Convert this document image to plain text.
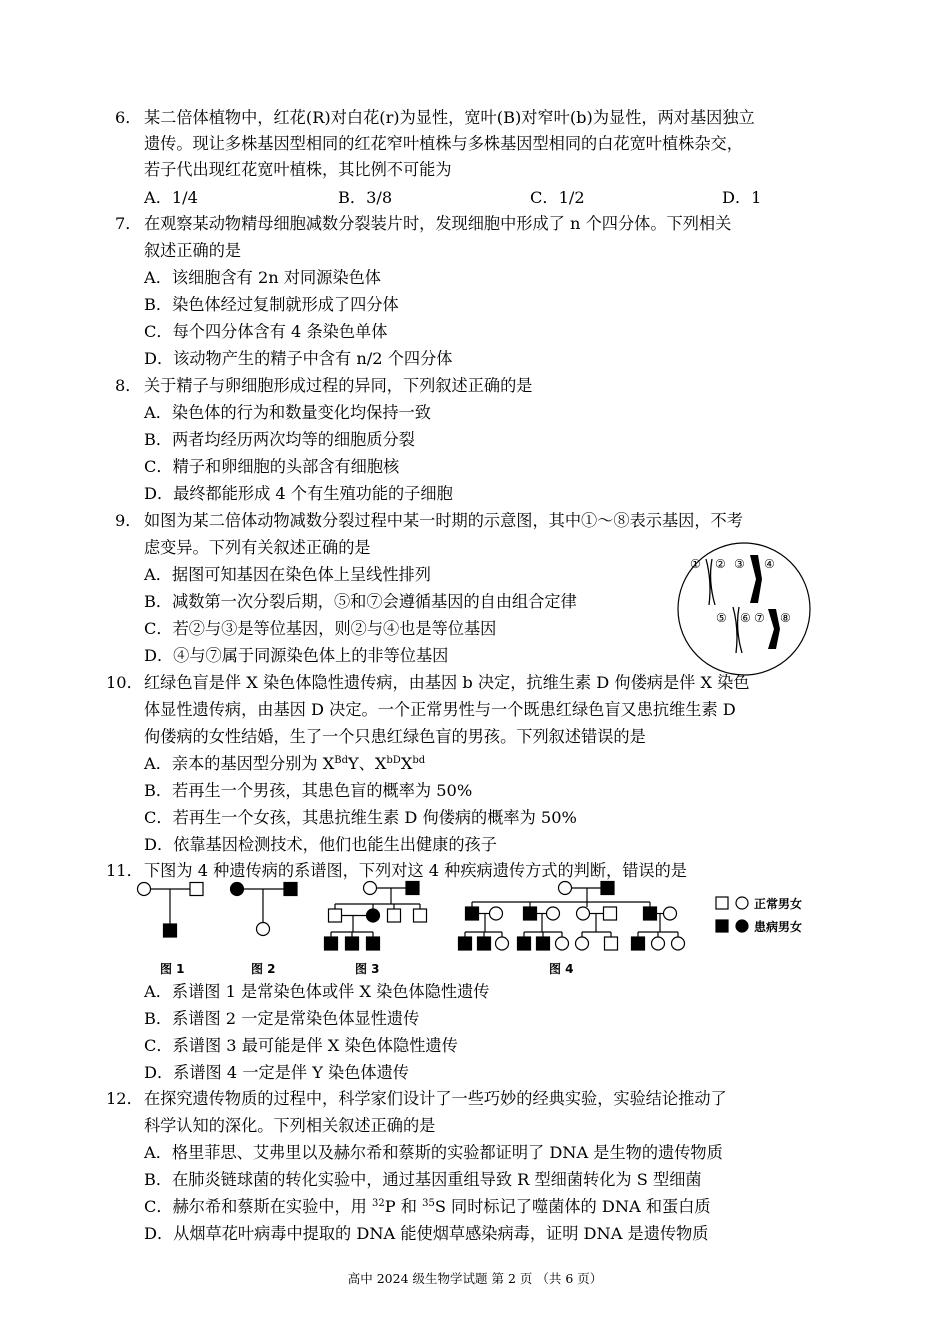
6． 某二倍体植物中，红花(R)对白花(r)为显性，宽叶(B)对窄叶(b)为显性，两对基因独立
遗传。现让多株基因型相同的红花窄叶植株与多株基因型相同的白花宽叶植株杂交，
若子代出现红花宽叶植株，其比例不可能为
A．1/4	B．3/8	C．1/2	D．1
7． 在观察某动物精母细胞减数分裂装片时，发现细胞中形成了 n 个四分体。下列相关
叙述正确的是
A．该细胞含有 2n 对同源染色体
B．染色体经过复制就形成了四分体
C．每个四分体含有 4 条染色单体
D．该动物产生的精子中含有 n/2 个四分体
8． 关于精子与卵细胞形成过程的异同，下列叙述正确的是
A．染色体的行为和数量变化均保持一致
B．两者均经历两次均等的细胞质分裂
C．精子和卵细胞的头部含有细胞核
D．最终都能形成 4 个有生殖功能的子细胞
9． 如图为某二倍体动物减数分裂过程中某一时期的示意图，其中①～⑧表示基因，不考
虑变异。下列有关叙述正确的是
A．据图可知基因在染色体上呈线性排列
B．减数第一次分裂后期，⑤和⑦会遵循基因的自由组合定律
C．若②与③是等位基因，则②与④也是等位基因
D．④与⑦属于同源染色体上的非等位基因
① ② ③ ④
⑤ ⑥ ⑦ ⑧
10． 红绿色盲是伴 X 染色体隐性遗传病，由基因 b 决定，抗维生素 D 佝偻病是伴 X 染色
体显性遗传病，由基因 D 决定。一个正常男性与一个既患红绿色盲又患抗维生素 D
佝偻病的女性结婚，生了一个只患红绿色盲的男孩。下列叙述错误的是
A．亲本的基因型分别为 $X^{Bd}Y$、$X^{bD}X^{bd}$
B．若再生一个男孩，其患色盲的概率为 50%
C．若再生一个女孩，其患抗维生素 D 佝偻病的概率为 50%
D．依靠基因检测技术，他们也能生出健康的孩子
11． 下图为 4 种遗传病的系谱图，下列对这 4 种疾病遗传方式的判断，错误的是
正常男女
患病男女
图 1	图 2	图 3	图 4
A．系谱图 1 是常染色体或伴 X 染色体隐性遗传
B．系谱图 2 一定是常染色体显性遗传
C．系谱图 3 最可能是伴 X 染色体隐性遗传
D．系谱图 4 一定是伴 Y 染色体遗传
12． 在探究遗传物质的过程中，科学家们设计了一些巧妙的经典实验，实验结论推动了
科学认知的深化。下列相关叙述正确的是
A．格里菲思、艾弗里以及赫尔希和蔡斯的实验都证明了 DNA 是生物的遗传物质
B．在肺炎链球菌的转化实验中，通过基因重组导致 R 型细菌转化为 S 型细菌
C．赫尔希和蔡斯在实验中，用 $^{32}$P 和 $^{35}$S 同时标记了噬菌体的 DNA 和蛋白质
D．从烟草花叶病毒中提取的 DNA 能使烟草感染病毒，证明 DNA 是遗传物质
高中 2024 级生物学试题 第 2 页 （共 6 页）
